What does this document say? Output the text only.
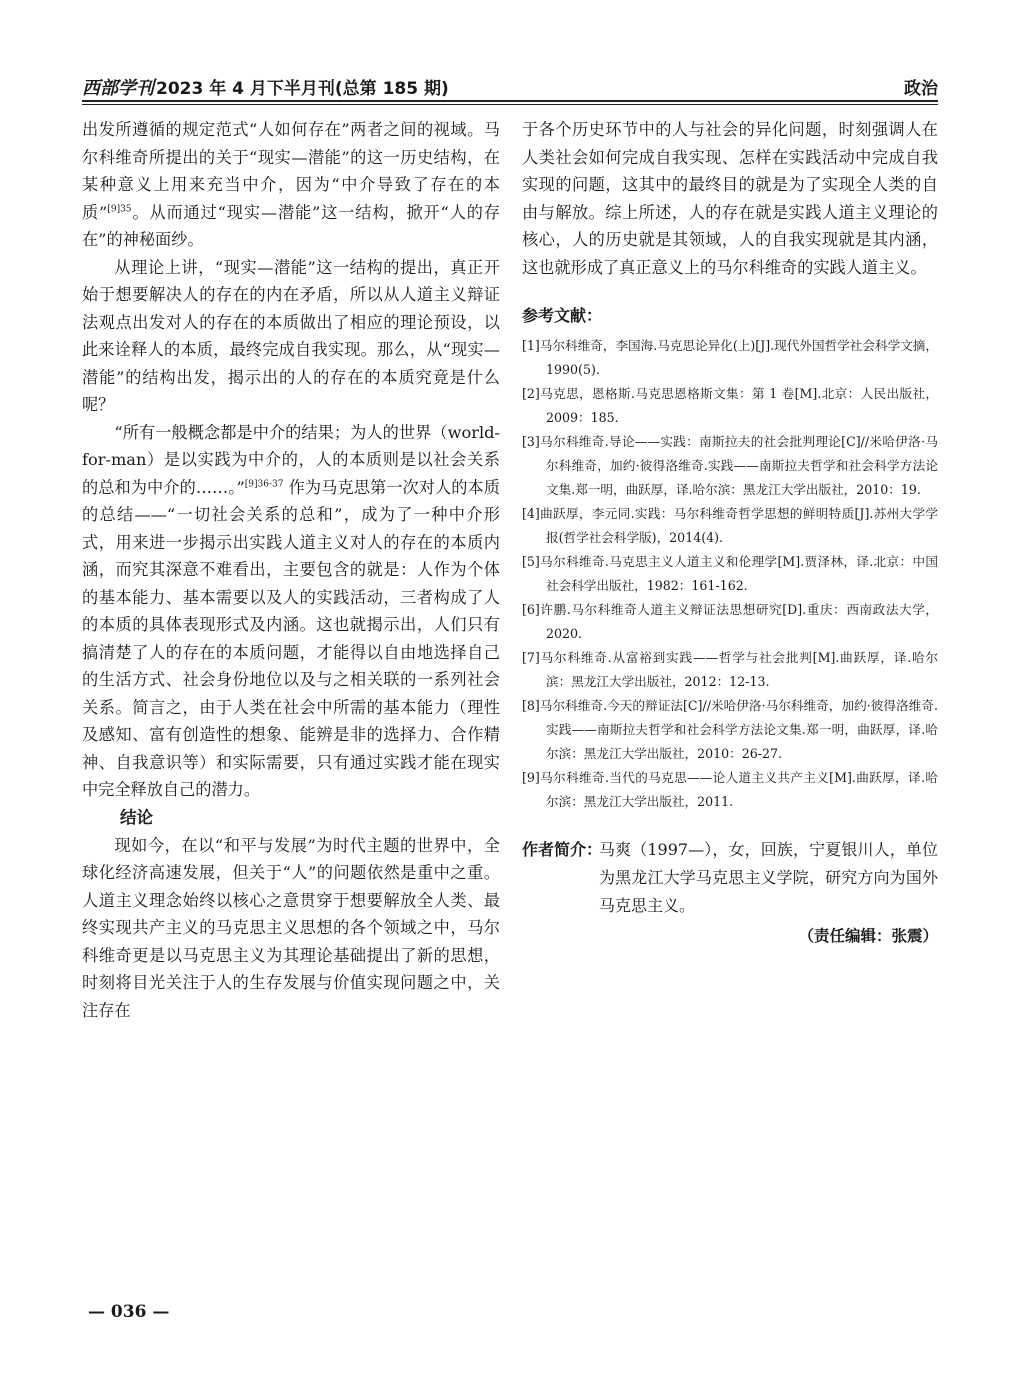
西部学刊 2023 年 4 月下半月刊(总第 185 期)	政治

出发所遵循的规定范式“人如何存在”两者之间的视域。马尔科维奇所提出的关于“现实—潜能”的这一历史结构，在某种意义上用来充当中介，因为“中介导致了存在的本质”$^{[9]35}$。从而通过“现实—潜能”这一结构，掀开“人的存在”的神秘面纱。

从理论上讲，“现实—潜能”这一结构的提出，真正开始于想要解决人的存在的内在矛盾，所以从人道主义辩证法观点出发对人的存在的本质做出了相应的理论预设，以此来诠释人的本质，最终完成自我实现。那么，从“现实—潜能”的结构出发，揭示出的人的存在的本质究竟是什么呢？

“所有一般概念都是中介的结果；为人的世界（world-for-man）是以实践为中介的，人的本质则是以社会关系的总和为中介的……。”$^{[9]36-37}$ 作为马克思第一次对人的本质的总结——“一切社会关系的总和”，成为了一种中介形式，用来进一步揭示出实践人道主义对人的存在的本质内涵，而究其深意不难看出，主要包含的就是：人作为个体的基本能力、基本需要以及人的实践活动，三者构成了人的本质的具体表现形式及内涵。这也就揭示出，人们只有搞清楚了人的存在的本质问题，才能得以自由地选择自己的生活方式、社会身份地位以及与之相关联的一系列社会关系。简言之，由于人类在社会中所需的基本能力（理性及感知、富有创造性的想象、能辨是非的选择力、合作精神、自我意识等）和实际需要，只有通过实践才能在现实中完全释放自己的潜力。

结论

现如今，在以“和平与发展”为时代主题的世界中，全球化经济高速发展，但关于“人”的问题依然是重中之重。人道主义理念始终以核心之意贯穿于想要解放全人类、最终实现共产主义的马克思主义思想的各个领域之中，马尔科维奇更是以马克思主义为其理论基础提出了新的思想，时刻将目光关注于人的生存发展与价值实现问题之中，关注存在

于各个历史环节中的人与社会的异化问题，时刻强调人在人类社会如何完成自我实现、怎样在实践活动中完成自我实现的问题，这其中的最终目的就是为了实现全人类的自由与解放。综上所述，人的存在就是实践人道主义理论的核心，人的历史就是其领域，人的自我实现就是其内涵，这也就形成了真正意义上的马尔科维奇的实践人道主义。

参考文献：

[1]马尔科维奇，李国海.马克思论异化(上)[J].现代外国哲学社会科学文摘，1990(5).

[2]马克思，恩格斯.马克思恩格斯文集：第 1 卷[M].北京：人民出版社，2009：185.

[3]马尔科维奇.导论——实践：南斯拉夫的社会批判理论[C]//米哈伊洛·马尔科维奇，加约·彼得洛维奇.实践——南斯拉夫哲学和社会科学方法论文集.郑一明，曲跃厚，译.哈尔滨：黑龙江大学出版社，2010：19.

[4]曲跃厚，李元同.实践：马尔科维奇哲学思想的鲜明特质[J].苏州大学学报(哲学社会科学版)，2014(4).

[5]马尔科维奇.马克思主义人道主义和伦理学[M].贾泽林，译.北京：中国社会科学出版社，1982：161-162.

[6]许鹏.马尔科维奇人道主义辩证法思想研究[D].重庆：西南政法大学，2020.

[7]马尔科维奇.从富裕到实践——哲学与社会批判[M].曲跃厚，译.哈尔滨：黑龙江大学出版社，2012：12-13.

[8]马尔科维奇.今天的辩证法[C]//米哈伊洛·马尔科维奇，加约·彼得洛维奇.实践——南斯拉夫哲学和社会科学方法论文集.郑一明，曲跃厚，译.哈尔滨：黑龙江大学出版社，2010：26-27.

[9]马尔科维奇.当代的马克思——论人道主义共产主义[M].曲跃厚，译.哈尔滨：黑龙江大学出版社，2011.

作者简介：
马爽（1997—），女，回族，宁夏银川人，单位为黑龙江大学马克思主义学院，研究方向为国外马克思主义。
（责任编辑：张震）
— 036 —
